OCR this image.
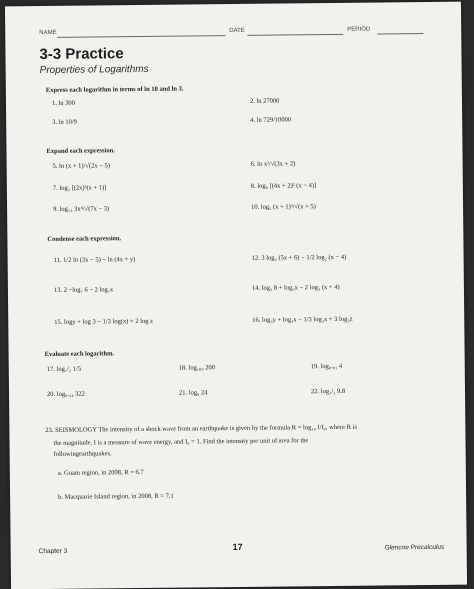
NAME	DATE	PERIOD
3-3 Practice
Properties of Logarithms
Express each logarithm in terms of ln 10 and ln 3.
1. ln 300	2. ln 27000
3. ln 10/9	4. ln 729/10000
Expand each expression.
5. ln (x + 1)/√(2x − 5)	6. ln x²/√(3x + 2)
7. log₂ [(2x)³(x + 1)]	8. log₈ [(4x + 2)² (x − 4)]
9. log₁₃ 3x⁴/√(7x − 3)	10. log₂ (x + 1)³/√(x + 5)
Condense each expression.
11. 1/2 ln (3x − 5) − ln (4x + y)	12. 3 log₂ (5x + 6) − 1/2 log₂ (x − 4)
13. 2 −log₇ 6 − 2 log₇x	14. log₃ 8 + log₃x − 2 log₃ (x + 4)
15. logy + log 3 − 1/3 log(x) + 2 log z	16. log₃y + log₃x − 1/3 log₃x + 3 log₃z
Evaluate each logarithm.
17. log₁/₂ 1/5	18. log₁₀₀ 200	19. log₀.₀₁ 4
20. log₀.₂₄ 322	21. log₆ 24	22. log₁/₃ 9.8
23. SEISMOLOGY The intensity of a shock wave from an earthquake is given by the formula R = log₁₀ I/I₀, where R is
the magnitude, I is a measure of wave energy, and I₀ = 1. Find the intensity per unit of area for the
followingearthquakes.
a. Guam region, in 2008, R = 6.7
b. Macquarie Island region, in 2008, R = 7.1
Chapter 3	17	Glencoe Precalculus
